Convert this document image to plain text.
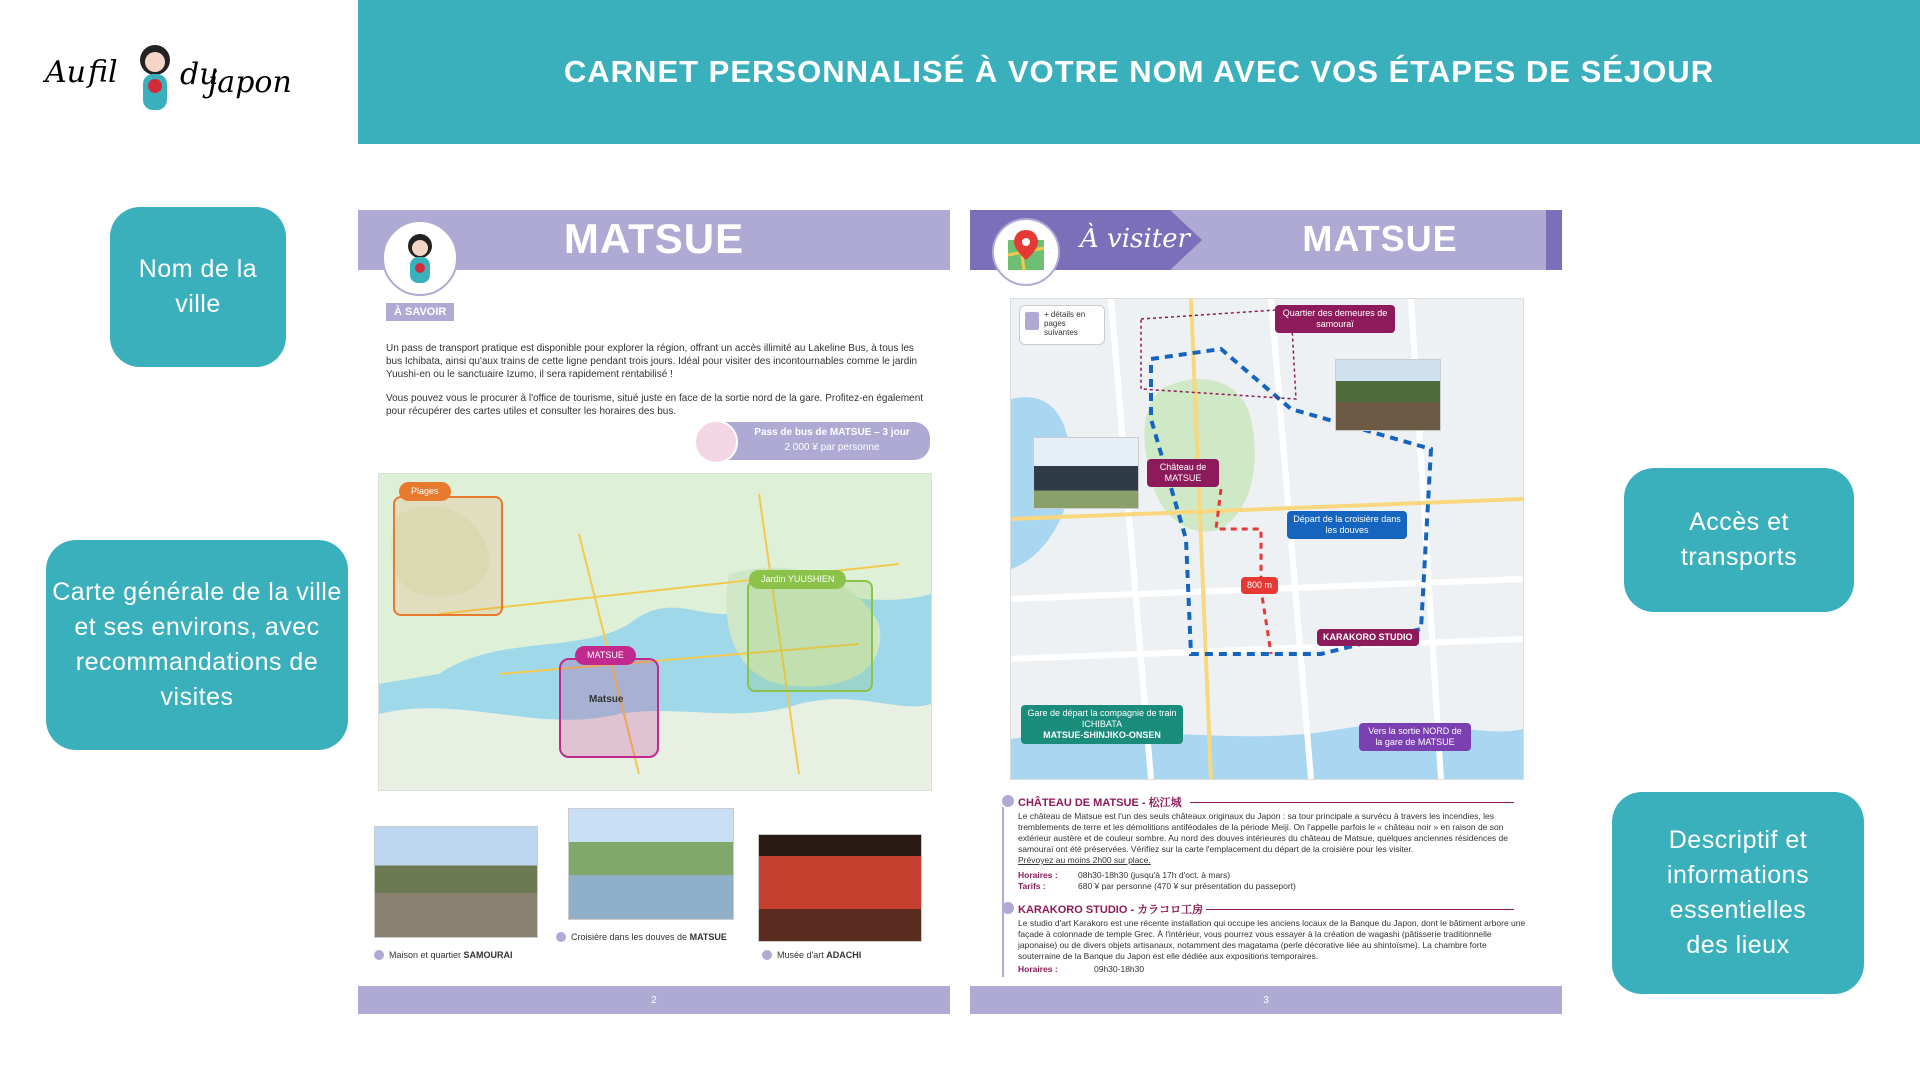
Au fil du
japon	CARNET PERSONNALISÉ À VOTRE NOM AVEC VOS ÉTAPES DE SÉJOUR
Nom de la ville
Carte générale de la ville et ses environs, avec recommandations de visites
Accès et transports
Descriptif et informations essentielles des lieux
MATSUE
À SAVOIR
Un pass de transport pratique est disponible pour explorer la région, offrant un accès illimité au Lakeline Bus, à tous les bus Ichibata, ainsi qu'aux trains de cette ligne pendant trois jours. Idéal pour visiter des incontournables comme le jardin Yuushi-en ou le sanctuaire Izumo, il sera rapidement rentabilisé !
Vous pouvez vous le procurer à l'office de tourisme, situé juste en face de la sortie nord de la gare. Profitez-en également pour récupérer des cartes utiles et consulter les horaires des bus.
Pass de bus de MATSUE – 3 jour
2 000 ¥ par personne
Plages
Jardin YUUSHIEN
MATSUE
Matsue
Maison et quartier SAMOURAI
Croisière dans les douves de MATSUE
Musée d'art ADACHI
2
À visiter	MATSUE
+ détails en pages suivantes
Quartier des demeures de samouraï
Château de MATSUE
Départ de la croisière dans les douves
800 m
KARAKORO STUDIO
Gare de départ la compagnie de train ICHIBATA
MATSUE-SHINJIKO-ONSEN	Vers la sortie NORD de la gare de MATSUE
CHÂTEAU DE MATSUE - 松江城
Le château de Matsue est l'un des seuls châteaux originaux du Japon : sa tour principale a survécu à travers les incendies, les tremblements de terre et les démolitions antiféodales de la période Meiji. On l'appelle parfois le « château noir » en raison de son extérieur austère et de couleur sombre. Au nord des douves intérieures du château de Matsue, quelques anciennes résidences de samouraï ont été préservées. Vérifiez sur la carte l'emplacement du départ de la croisière pour les visiter.
Prévoyez au moins 2h00 sur place.
Horaires : 08h30-18h30 (jusqu'à 17h d'oct. à mars)
Tarifs :	680 ¥ par personne (470 ¥ sur présentation du passeport)
KARAKORO STUDIO - カラコロ工房
Le studio d'art Karakoro est une récente installation qui occupe les anciens locaux de la Banque du Japon, dont le bâtiment arbore une façade à colonnade de temple Grec. À l'intérieur, vous pourrez vous essayer à la création de wagashi (pâtisserie traditionnelle japonaise) ou de divers objets artisanaux, notamment des magatama (perle décorative liée au shintoïsme). La chambre forte souterraine de la Banque du Japon est elle dédiée aux expositions temporaires.
Horaires :	09h30-18h30
3
